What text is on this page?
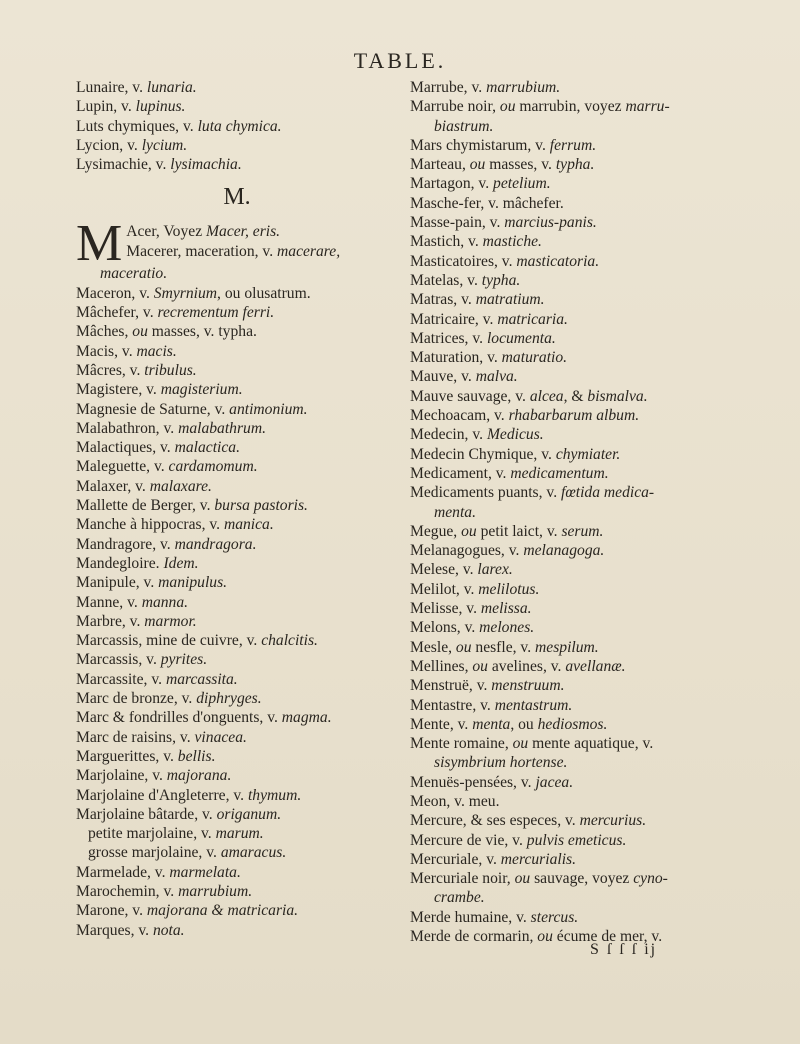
TABLE.
Lunaire, v. lunaria.
Lupin, v. lupinus.
Luts chymiques, v. luta chymica.
Lycion, v. lycium.
Lysimachie, v. lysimachia.
M.
M Acer, Voyez Macer, eris.
Macerer, maceration, v. macerare,
maceratio.
Maceron, v. Smyrnium, ou olusatrum.
Mâchefer, v. recrementum ferri.
Mâches, ou masses, v. typha.
Macis, v. macis.
Mâcres, v. tribulus.
Magistere, v. magisterium.
Magnesie de Saturne, v. antimonium.
Malabathron, v. malabathrum.
Malactiques, v. malactica.
Maleguette, v. cardamomum.
Malaxer, v. malaxare.
Mallette de Berger, v. bursa pastoris.
Manche à hippocras, v. manica.
Mandragore, v. mandragora.
Mandegloire. Idem.
Manipule, v. manipulus.
Manne, v. manna.
Marbre, v. marmor.
Marcassis, mine de cuivre, v. chalcitis.
Marcassis, v. pyrites.
Marcassite, v. marcassita.
Marc de bronze, v. diphryges.
Marc & fondrilles d'onguents, v. magma.
Marc de raisins, v. vinacea.
Marguerittes, v. bellis.
Marjolaine, v. majorana.
Marjolaine d'Angleterre, v. thymum.
Marjolaine bâtarde, v. origanum.
petite marjolaine, v. marum.
grosse marjolaine, v. amaracus.
Marmelade, v. marmelata.
Marochemin, v. marrubium.
Marone, v. majorana & matricaria.
Marques, v. nota.
Marrube, v. marrubium.
Marrube noir, ou marrubin, voyez marru-
biastrum.
Mars chymistarum, v. ferrum.
Marteau, ou masses, v. typha.
Martagon, v. petelium.
Masche-fer, v. mâchefer.
Masse-pain, v. marcius-panis.
Mastich, v. mastiche.
Masticatoires, v. masticatoria.
Matelas, v. typha.
Matras, v. matratium.
Matricaire, v. matricaria.
Matrices, v. locumenta.
Maturation, v. maturatio.
Mauve, v. malva.
Mauve sauvage, v. alcea, & bismalva.
Mechoacam, v. rhabarbarum album.
Medecin, v. Medicus.
Medecin Chymique, v. chymiater.
Medicament, v. medicamentum.
Medicaments puants, v. fœtida medica-
menta.
Megue, ou petit laict, v. serum.
Melanagogues, v. melanagoga.
Melese, v. larex.
Melilot, v. melilotus.
Melisse, v. melissa.
Melons, v. melones.
Mesle, ou nesfle, v. mespilum.
Mellines, ou avelines, v. avellanæ.
Menstruë, v. menstruum.
Mentastre, v. mentastrum.
Mente, v. menta, ou hediosmos.
Mente romaine, ou mente aquatique, v.
sisymbrium hortense.
Menuës-pensées, v. jacea.
Meon, v. meu.
Mercure, & ses especes, v. mercurius.
Mercure de vie, v. pulvis emeticus.
Mercuriale, v. mercurialis.
Mercuriale noir, ou sauvage, voyez cyno-
crambe.
Merde humaine, v. stercus.
Merde de cormarin, ou écume de mer, v.
S ſ ſ ſ ij
